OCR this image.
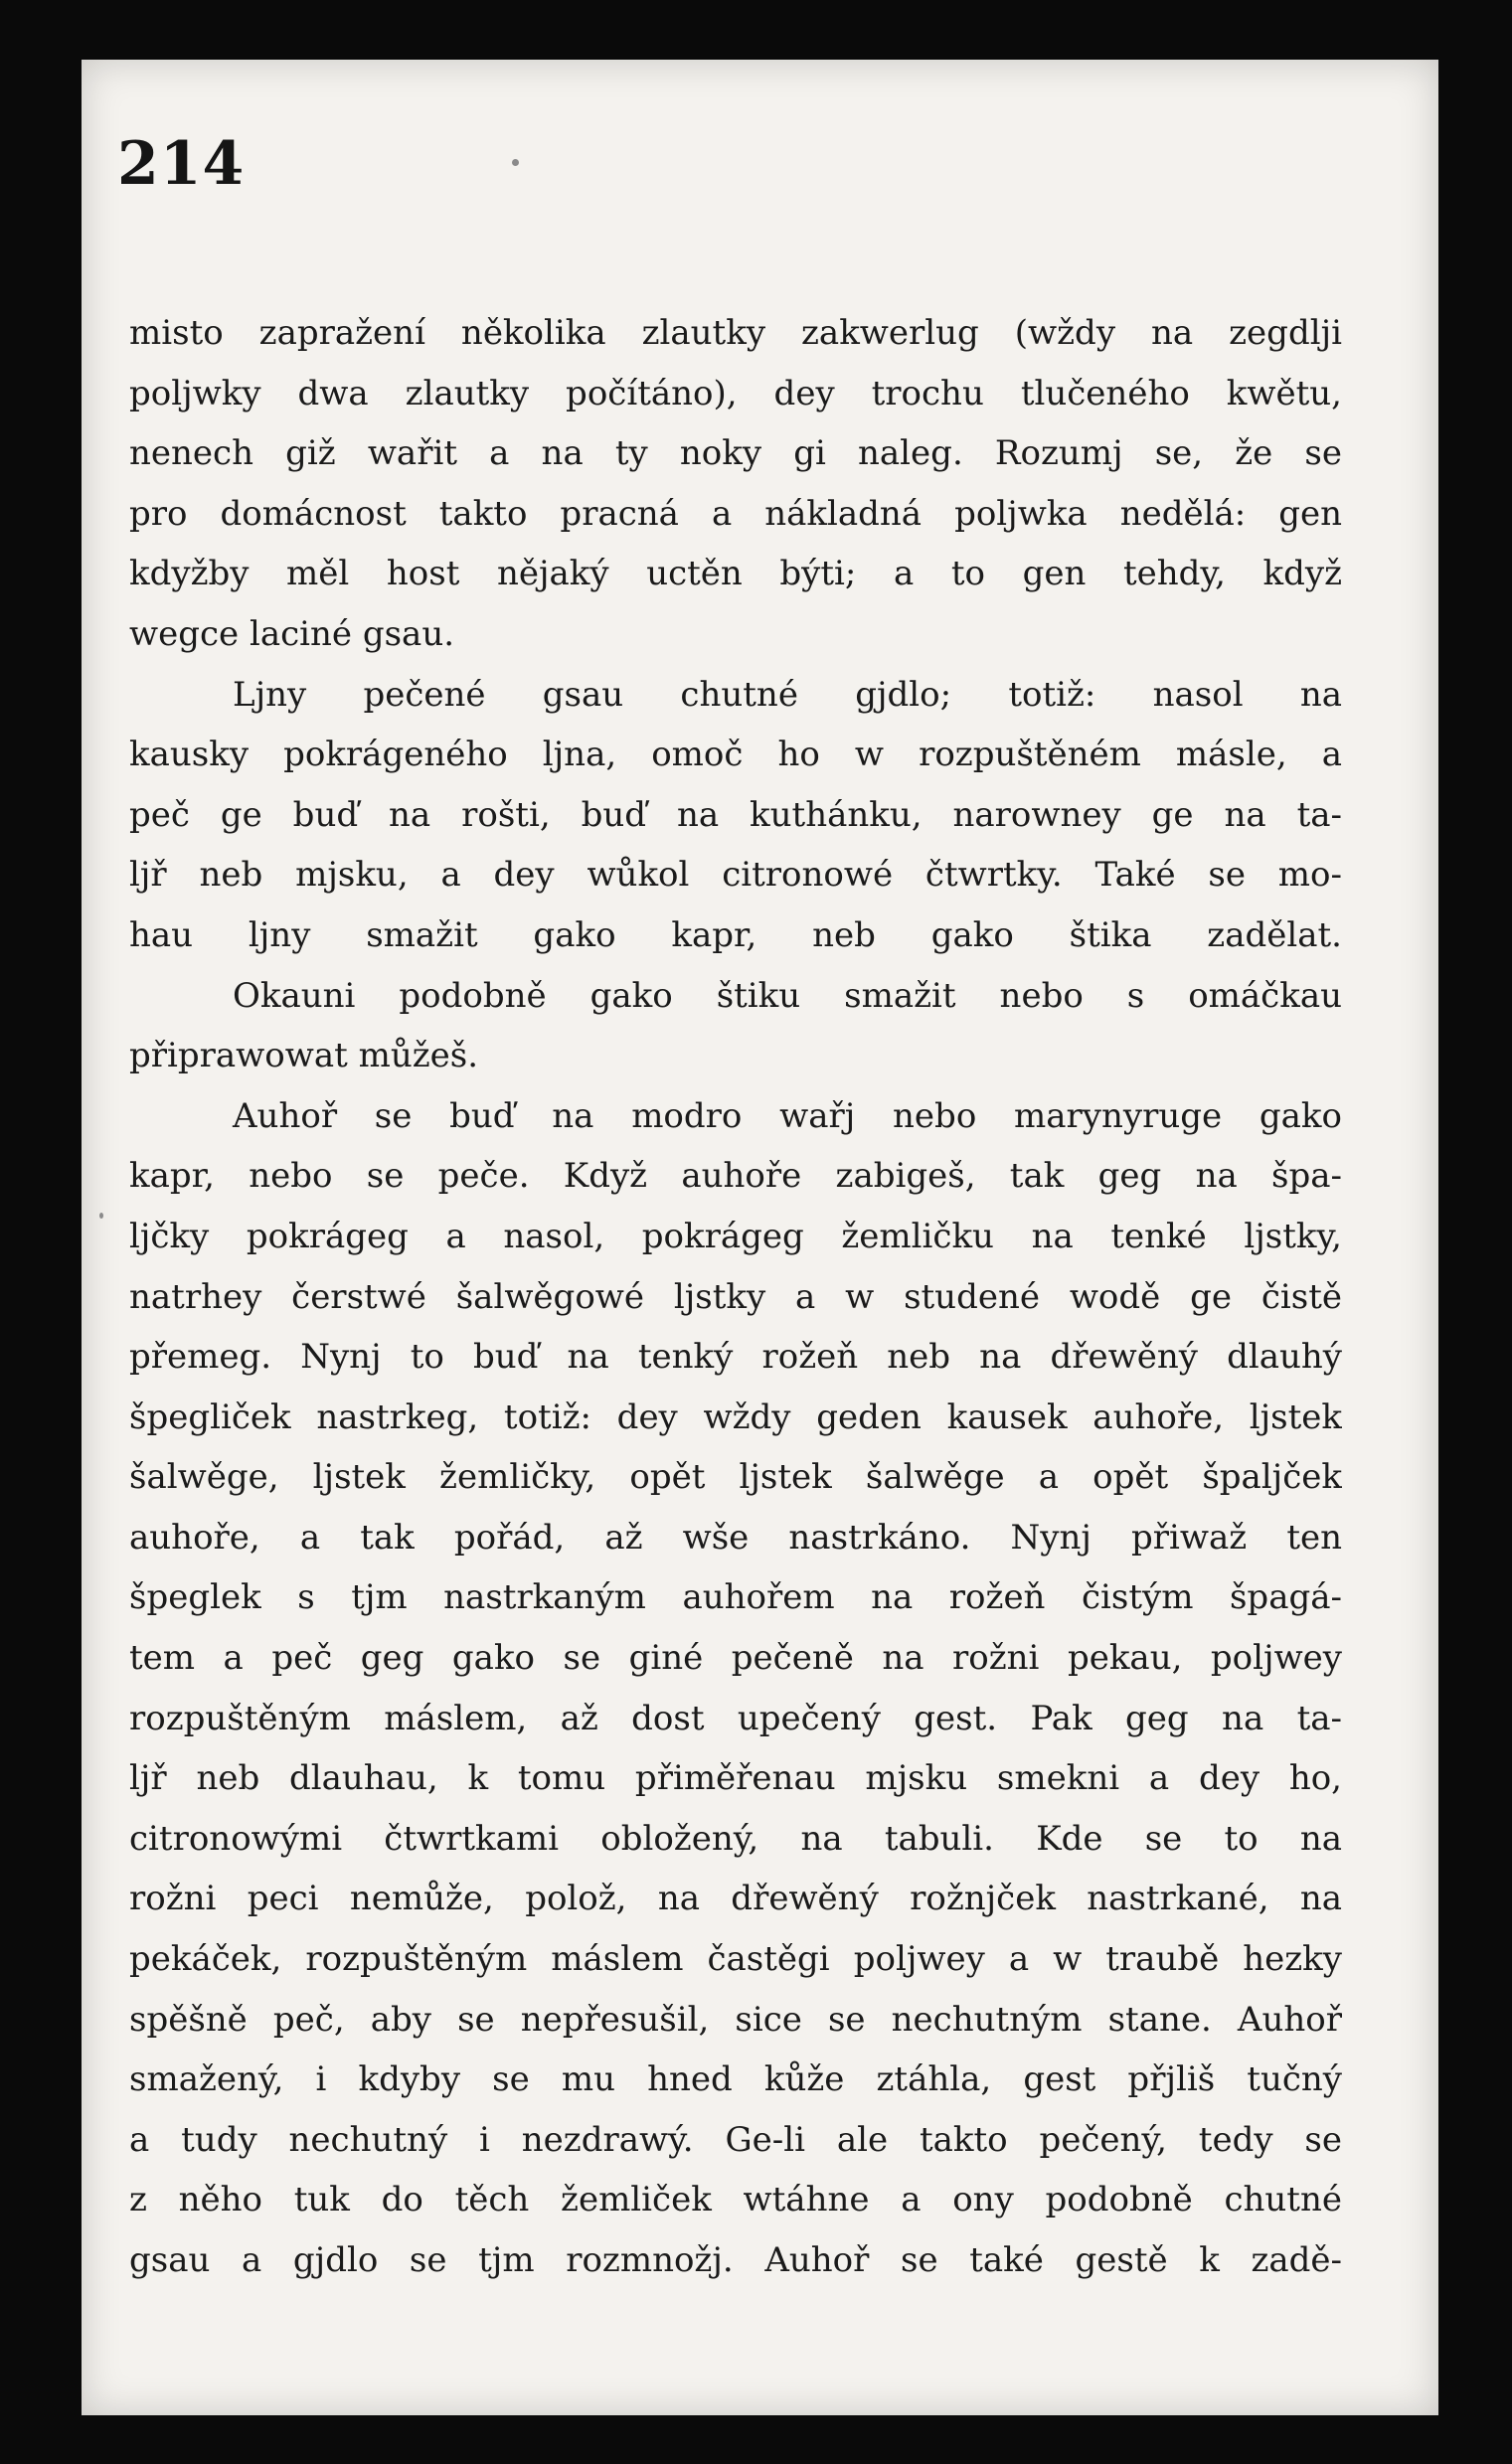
214
misto zapražení několika zlautky zakwerlug (wždy na zegdlji
poljwky dwa zlautky počítáno), dey trochu tlučeného kwětu,
nenech giž wařit a na ty noky gi naleg. Rozumj se, že se
pro domácnost takto pracná a nákladná poljwka nedělá: gen
kdyžby měl host nějaký uctěn býti; a to gen tehdy, když
wegce laciné gsau.
Ljny pečené gsau chutné gjdlo; totiž: nasol na
kausky pokrágeného ljna, omoč ho w rozpuštěném másle, a
peč ge buď na rošti, buď na kuthánku, narowney ge na ta-
ljř neb mjsku, a dey wůkol citronowé čtwrtky. Také se mo-
hau ljny smažit gako kapr, neb gako štika zadělat.
Okauni podobně gako štiku smažit nebo s omáčkau
připrawowat můžeš.
Auhoř se buď na modro wařj nebo marynyruge gako
kapr, nebo se peče. Když auhoře zabigeš, tak geg na špa-
ljčky pokrágeg a nasol, pokrágeg žemličku na tenké ljstky,
natrhey čerstwé šalwěgowé ljstky a w studené wodě ge čistě
přemeg. Nynj to buď na tenký rožeň neb na dřewěný dlauhý
špegliček nastrkeg, totiž: dey wždy geden kausek auhoře, ljstek
šalwěge, ljstek žemličky, opět ljstek šalwěge a opět špaljček
auhoře, a tak pořád, až wše nastrkáno. Nynj přiwaž ten
špeglek s tjm nastrkaným auhořem na rožeň čistým špagá-
tem a peč geg gako se giné pečeně na rožni pekau, poljwey
rozpuštěným máslem, až dost upečený gest. Pak geg na ta-
ljř neb dlauhau, k tomu přiměřenau mjsku smekni a dey ho,
citronowými čtwrtkami obložený, na tabuli. Kde se to na
rožni peci nemůže, polož, na dřewěný rožnjček nastrkané, na
pekáček, rozpuštěným máslem častěgi poljwey a w traubě hezky
spěšně peč, aby se nepřesušil, sice se nechutným stane. Auhoř
smažený, i kdyby se mu hned kůže ztáhla, gest přjliš tučný
a tudy nechutný i nezdrawý. Ge-li ale takto pečený, tedy se
z něho tuk do těch žemliček wtáhne a ony podobně chutné
gsau a gjdlo se tjm rozmnožj. Auhoř se také gestě k zadě-
